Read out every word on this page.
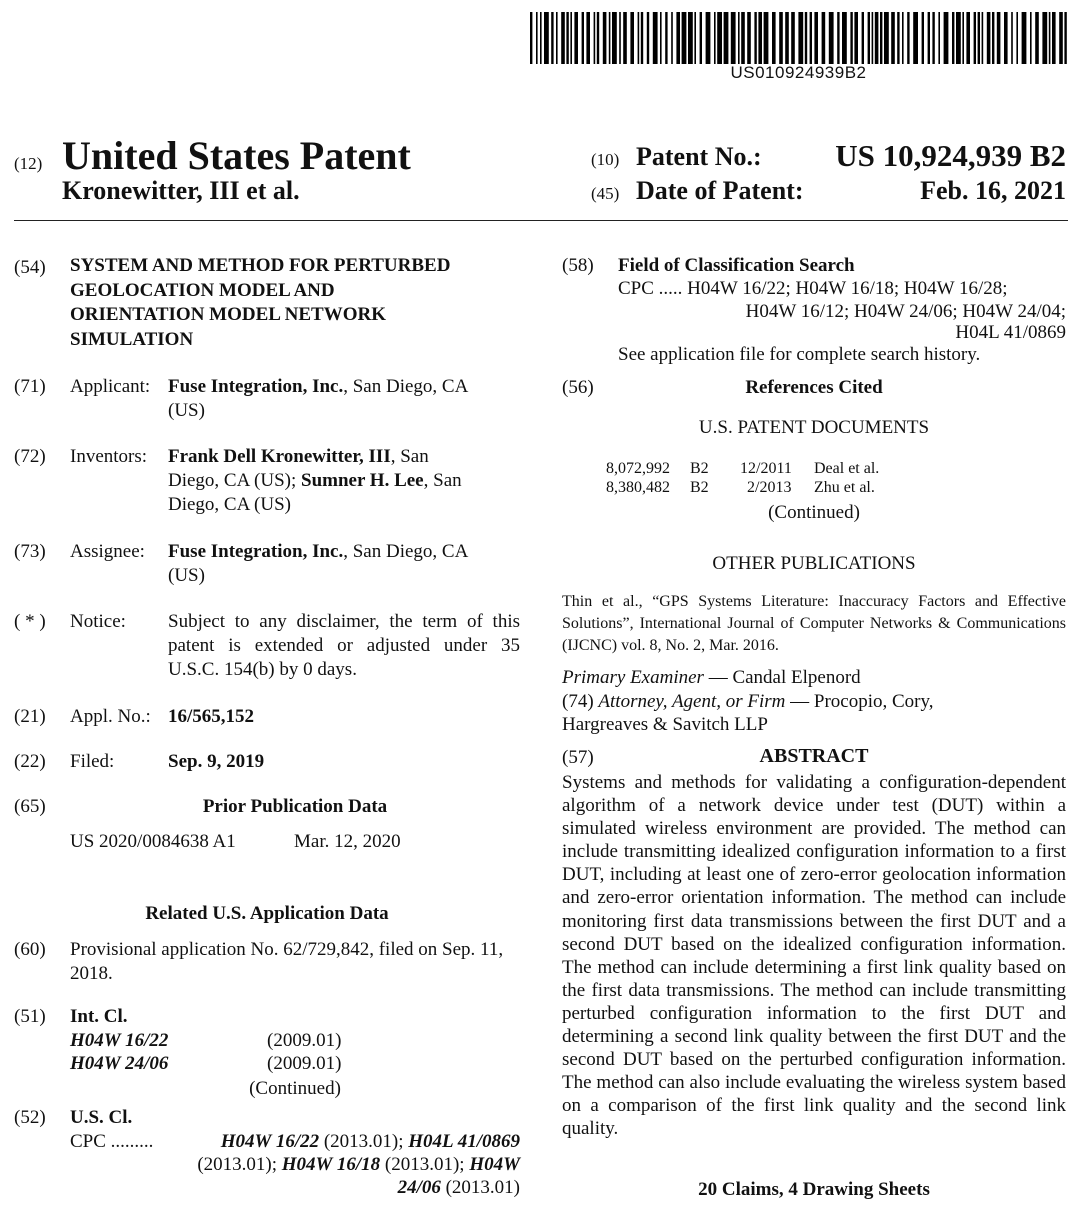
US010924939B2
(12) United States Patent
Kronewitter, III et al.
(10) Patent No.:	US 10,924,939 B2
(45) Date of Patent:	Feb. 16, 2021
(54) SYSTEM AND METHOD FOR PERTURBED
GEOLOCATION MODEL AND
ORIENTATION MODEL NETWORK
SIMULATION
(71) Applicant: Fuse Integration, Inc., San Diego, CA
(US)
(72) Inventors: Frank Dell Kronewitter, III, San
Diego, CA (US); Sumner H. Lee, San
Diego, CA (US)
(73) Assignee: Fuse Integration, Inc., San Diego, CA
(US)
( * ) Notice: Subject to any disclaimer, the term of this patent is extended or adjusted under 35 U.S.C. 154(b) by 0 days.
(21) Appl. No.: 16/565,152
(22) Filed:	Sep. 9, 2019
(65)	Prior Publication Data
US 2020/0084638 A1	Mar. 12, 2020
Related U.S. Application Data
(60) Provisional application No. 62/729,842, filed on Sep. 11, 2018.
(51) Int. Cl.
H04W 16/22	(2009.01)
H04W 24/06	(2009.01)
(Continued)
(52) U.S. Cl.
CPC .........	H04W 16/22 (2013.01); H04L 41/0869
(2013.01); H04W 16/18 (2013.01); H04W
24/06 (2013.01)
(58) Field of Classification Search
CPC ..... H04W 16/22; H04W 16/18; H04W 16/28;
H04W 16/12; H04W 24/06; H04W 24/04;
H04L 41/0869
See application file for complete search history.
(56)	References Cited
U.S. PATENT DOCUMENTS
8,072,992 B2 12/2011 Deal et al.
8,380,482 B2 2/2013 Zhu et al.
(Continued)
OTHER PUBLICATIONS
Thin et al., “GPS Systems Literature: Inaccuracy Factors and Effective Solutions”, International Journal of Computer Networks & Communications (IJCNC) vol. 8, No. 2, Mar. 2016.
Primary Examiner — Candal Elpenord
(74) Attorney, Agent, or Firm — Procopio, Cory,
Hargreaves & Savitch LLP
(57)	ABSTRACT
Systems and methods for validating a configuration-dependent algorithm of a network device under test (DUT) within a simulated wireless environment are provided. The method can include transmitting idealized configuration information to a first DUT, including at least one of zero-error geolocation information and zero-error orientation information. The method can include monitoring first data transmissions between the first DUT and a second DUT based on the idealized configuration information. The method can include determining a first link quality based on the first data transmissions. The method can include transmitting perturbed configuration information to the first DUT and determining a second link quality between the first DUT and the second DUT based on the perturbed configuration information. The method can also include evaluating the wireless system based on a comparison of the first link quality and the second link quality.
20 Claims, 4 Drawing Sheets
